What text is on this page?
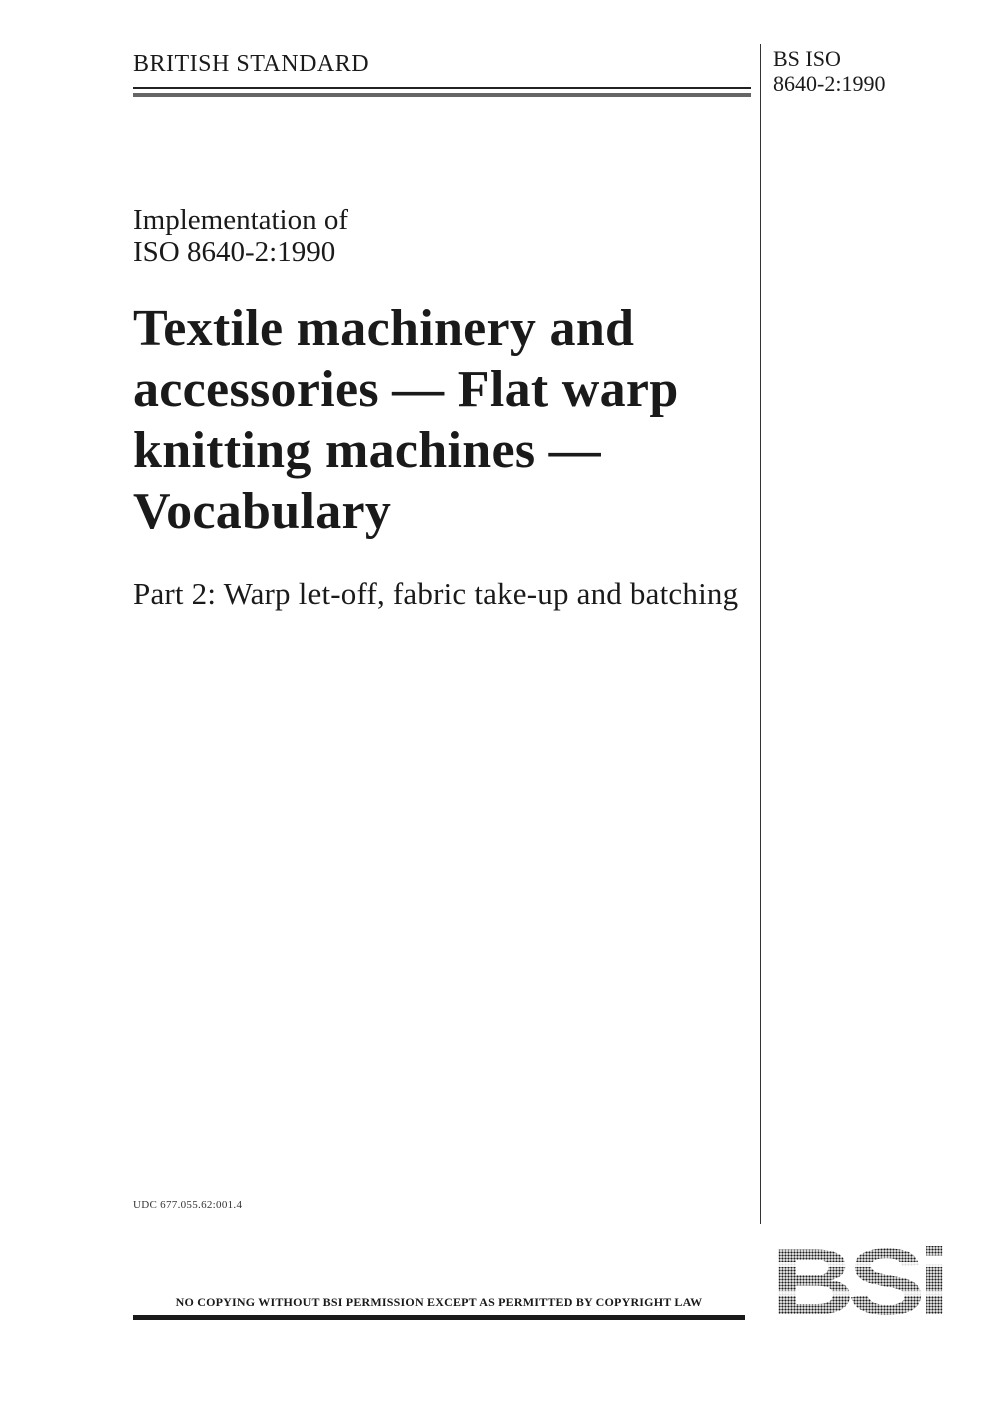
BRITISH STANDARD	BS ISO
8640-2:1990
Implementation of
ISO 8640-2:1990
Textile machinery and
accessories — Flat warp
knitting machines —
Vocabulary
Part 2: Warp let-off, fabric take-up and batching
UDC 677.055.62:001.4
NO COPYING WITHOUT BSI PERMISSION EXCEPT AS PERMITTED BY COPYRIGHT LAW
